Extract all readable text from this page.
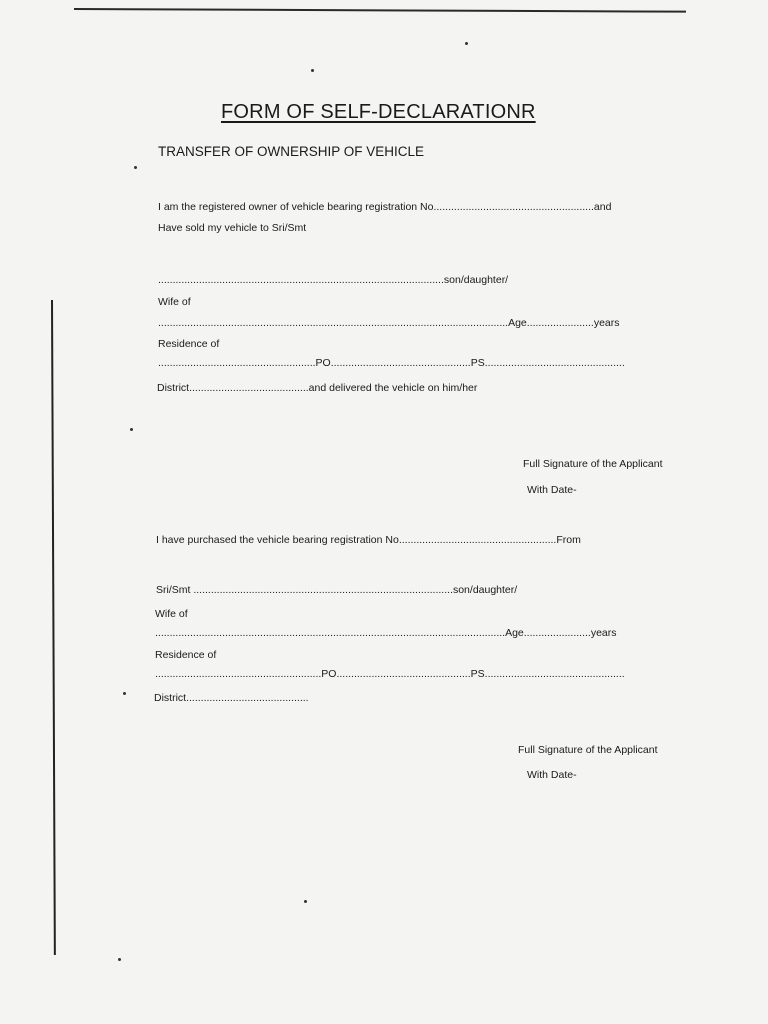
FORM OF SELF-DECLARATIONR
TRANSFER OF OWNERSHIP OF VEHICLE
I am the registered owner of vehicle bearing registration No.......................................................and
Have sold my vehicle to Sri/Smt
..................................................................................................son/daughter/
Wife of
........................................................................................................................Age.......................years
Residence of
......................................................PO................................................PS................................................
District.........................................and delivered the vehicle on him/her
Full Signature of the Applicant
With Date-
I have purchased the vehicle bearing registration No......................................................From
Sri/Smt .........................................................................................son/daughter/
Wife of
........................................................................................................................Age.......................years
Residence of
.........................................................PO..............................................PS................................................
District..........................................
Full Signature of the Applicant
With Date-
